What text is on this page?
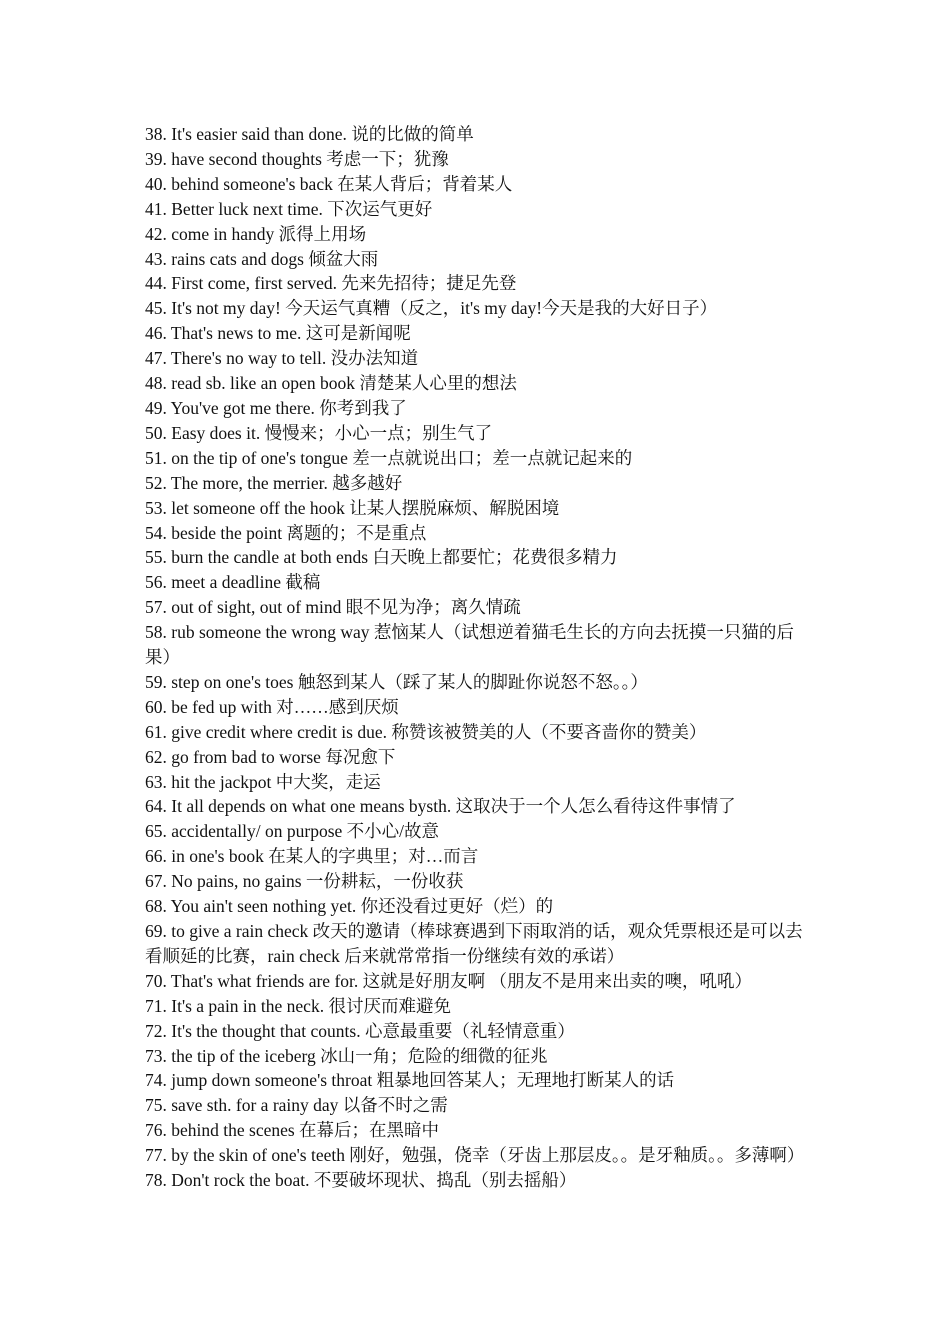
38. It's easier said than done. 说的比做的简单

39. have second thoughts 考虑一下；犹豫

40. behind someone's back 在某人背后；背着某人

41. Better luck next time. 下次运气更好

42. come in handy 派得上用场

43. rains cats and dogs 倾盆大雨

44. First come, first served. 先来先招待；捷足先登

45. It's not my day! 今天运气真糟（反之，it's my day!今天是我的大好日子）

46. That's news to me. 这可是新闻呢

47. There's no way to tell. 没办法知道

48. read sb. like an open book 清楚某人心里的想法

49. You've got me there. 你考到我了

50. Easy does it. 慢慢来；小心一点；别生气了

51. on the tip of one's tongue 差一点就说出口；差一点就记起来的

52. The more, the merrier. 越多越好

53. let someone off the hook 让某人摆脱麻烦、解脱困境

54. beside the point 离题的；不是重点

55. burn the candle at both ends 白天晚上都要忙；花费很多精力

56. meet a deadline 截稿

57. out of sight, out of mind 眼不见为净；离久情疏

58. rub someone the wrong way 惹恼某人（试想逆着猫毛生长的方向去抚摸一只猫的后果）

59. step on one's toes 触怒到某人（踩了某人的脚趾你说怒不怒。。）

60. be fed up with 对……感到厌烦

61. give credit where credit is due. 称赞该被赞美的人（不要吝啬你的赞美）

62. go from bad to worse 每况愈下

63. hit the jackpot 中大奖，走运

64. It all depends on what one means bysth. 这取决于一个人怎么看待这件事情了

65. accidentally/ on purpose 不小心/故意

66. in one's book 在某人的字典里；对…而言

67. No pains, no gains 一份耕耘，一份收获

68. You ain't seen nothing yet. 你还没看过更好（烂）的

69. to give a rain check 改天的邀请（棒球赛遇到下雨取消的话，观众凭票根还是可以去看顺延的比赛，rain check 后来就常常指一份继续有效的承诺）

70. That's what friends are for. 这就是好朋友啊 （朋友不是用来出卖的噢，吼吼）

71. It's a pain in the neck. 很讨厌而难避免

72. It's the thought that counts. 心意最重要（礼轻情意重）

73. the tip of the iceberg 冰山一角；危险的细微的征兆

74. jump down someone's throat 粗暴地回答某人；无理地打断某人的话

75. save sth. for a rainy day 以备不时之需

76. behind the scenes 在幕后；在黑暗中

77. by the skin of one's teeth 刚好，勉强，侥幸（牙齿上那层皮。。是牙釉质。。多薄啊）

78. Don't rock the boat. 不要破坏现状、捣乱（别去摇船）
